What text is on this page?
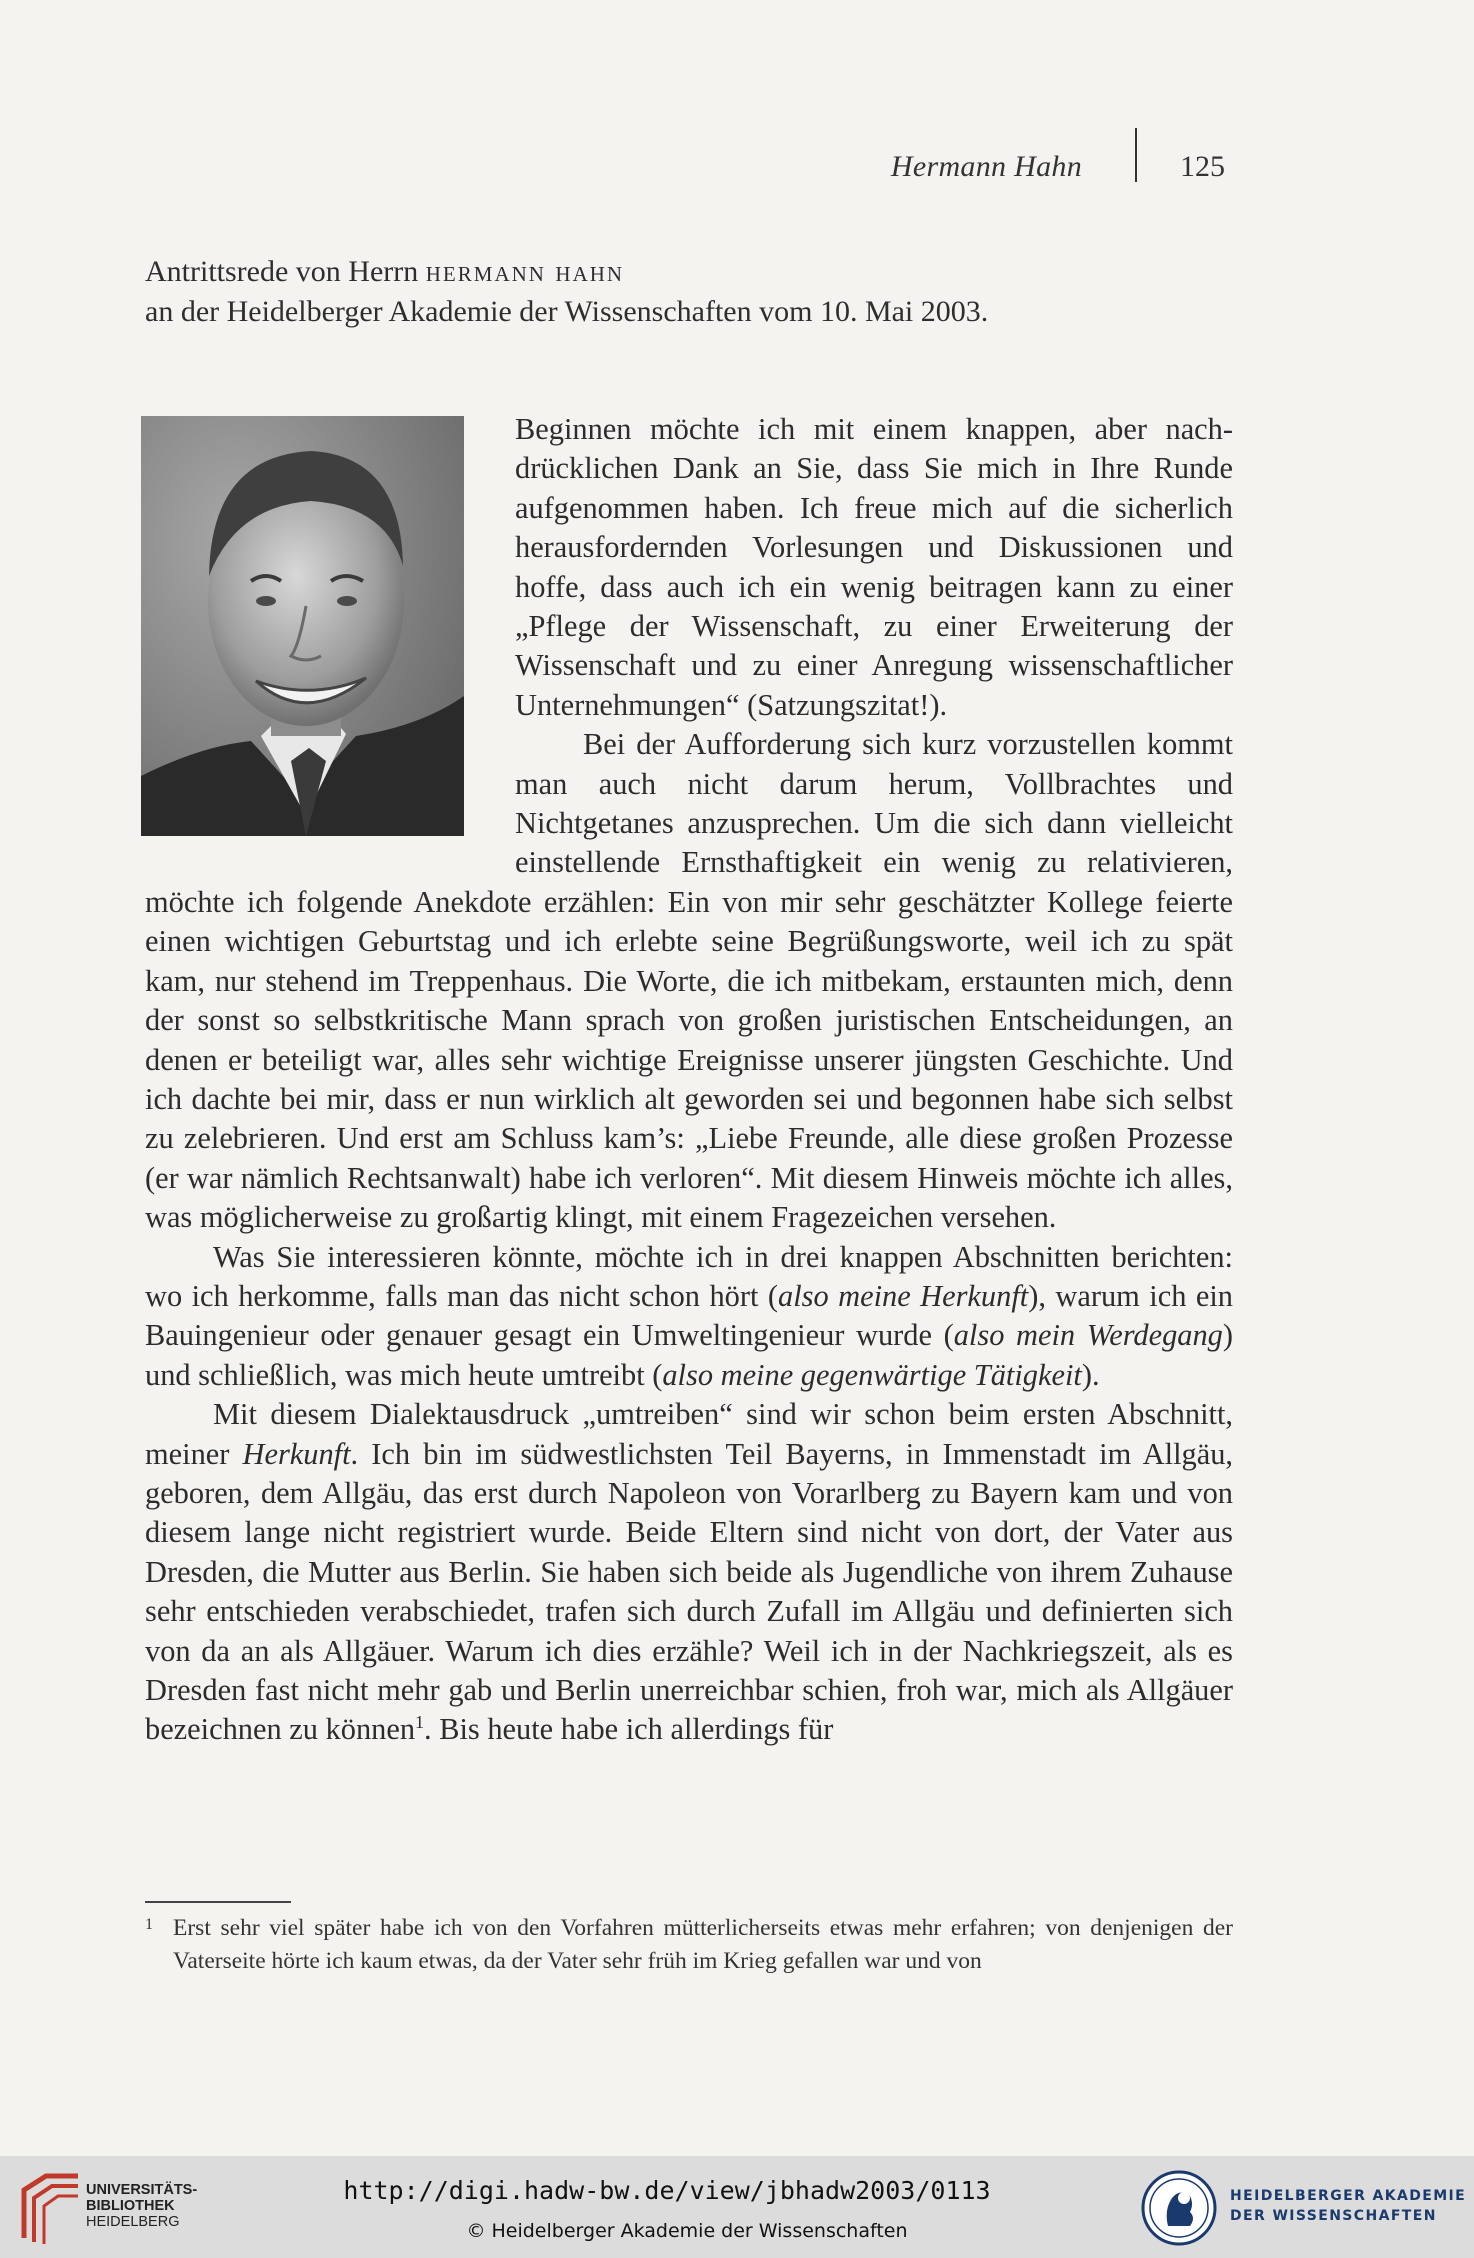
Hermann Hahn	125
Antrittsrede von Herrn hermann hahn
an der Heidelberger Akademie der Wissenschaften vom 10. Mai 2003.

Beginnen möchte ich mit einem knappen, aber nachdrücklichen Dank an Sie, dass Sie mich in Ihre Runde aufgenommen haben. Ich freue mich auf die sicherlich herausfordernden Vorlesungen und Diskussionen und hoffe, dass auch ich ein wenig beitragen kann zu einer „Pflege der Wissenschaft, zu einer Erweiterung der Wissenschaft und zu einer Anregung wissenschaftlicher Unternehmungen“ (Satzungszitat!).

Bei der Aufforderung sich kurz vorzustellen kommt man auch nicht darum herum, Vollbrachtes und Nichtgetanes anzusprechen. Um die sich dann vielleicht einstellende Ernsthaftigkeit ein wenig zu relativieren, möchte ich folgende Anekdote erzählen: Ein von mir sehr geschätzter Kollege feierte einen wichtigen Geburtstag und ich erlebte seine Begrüßungsworte, weil ich zu spät kam, nur stehend im Treppenhaus. Die Worte, die ich mitbekam, erstaunten mich, denn der sonst so selbstkritische Mann sprach von großen juristischen Entscheidungen, an denen er beteiligt war, alles sehr wichtige Ereignisse unserer jüngsten Geschichte. Und ich dachte bei mir, dass er nun wirklich alt geworden sei und begonnen habe sich selbst zu zelebrieren. Und erst am Schluss kam’s: „Liebe Freunde, alle diese großen Prozesse (er war nämlich Rechtsanwalt) habe ich verloren“. Mit diesem Hinweis möchte ich alles, was möglicherweise zu großartig klingt, mit einem Fragezeichen versehen.

Was Sie interessieren könnte, möchte ich in drei knappen Abschnitten berichten: wo ich herkomme, falls man das nicht schon hört (also meine Herkunft), warum ich ein Bauingenieur oder genauer gesagt ein Umweltingenieur wurde (also mein Werdegang) und schließlich, was mich heute umtreibt (also meine gegenwärtige Tätigkeit).

Mit diesem Dialektausdruck „umtreiben“ sind wir schon beim ersten Abschnitt, meiner Herkunft. Ich bin im südwestlichsten Teil Bayerns, in Immenstadt im Allgäu, geboren, dem Allgäu, das erst durch Napoleon von Vorarlberg zu Bayern kam und von diesem lange nicht registriert wurde. Beide Eltern sind nicht von dort, der Vater aus Dresden, die Mutter aus Berlin. Sie haben sich beide als Jugendliche von ihrem Zuhause sehr entschieden verabschiedet, trafen sich durch Zufall im Allgäu und definierten sich von da an als Allgäuer. Warum ich dies erzähle? Weil ich in der Nachkriegszeit, als es Dresden fast nicht mehr gab und Berlin unerreichbar schien, froh war, mich als Allgäuer bezeichnen zu können$^1$. Bis heute habe ich allerdings für

1 Erst sehr viel später habe ich von den Vorfahren mütterlicherseits etwas mehr erfahren; von denjenigen der Vaterseite hörte ich kaum etwas, da der Vater sehr früh im Krieg gefallen war und von
UNIVERSITÄTS-
BIBLIOTHEK
HEIDELBERG
http://digi.hadw-bw.de/view/jbhadw2003/0113
© Heidelberger Akademie der Wissenschaften
HEIDELBERGER AKADEMIE
DER WISSENSCHAFTEN
